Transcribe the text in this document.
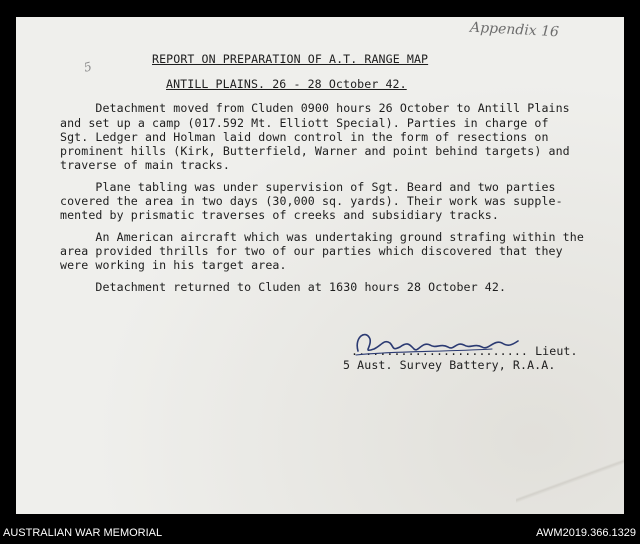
Appendix 16
5
REPORT ON PREPARATION OF A.T. RANGE MAP
ANTILL PLAINS. 26 - 28 October 42.
Detachment moved from Cluden 0900 hours 26 October to Antill Plains
and set up a camp (017.592 Mt. Elliott Special). Parties in charge of
Sgt. Ledger and Holman laid down control in the form of resections on
prominent hills (Kirk, Butterfield, Warner and point behind targets) and
traverse of main tracks.
Plane tabling was under supervision of Sgt. Beard and two parties
covered the area in two days (30,000 sq. yards). Their work was supple-
mented by prismatic traverses of creeks and subsidiary tracks.
An American aircraft which was undertaking ground strafing within the
area provided thrills for two of our parties which discovered that they
were working in his target area.
Detachment returned to Cluden at 1630 hours 28 October 42.
......................... Lieut.
5 Aust. Survey Battery, R.A.A.
AUSTRALIAN WAR MEMORIAL	AWM2019.366.1329
